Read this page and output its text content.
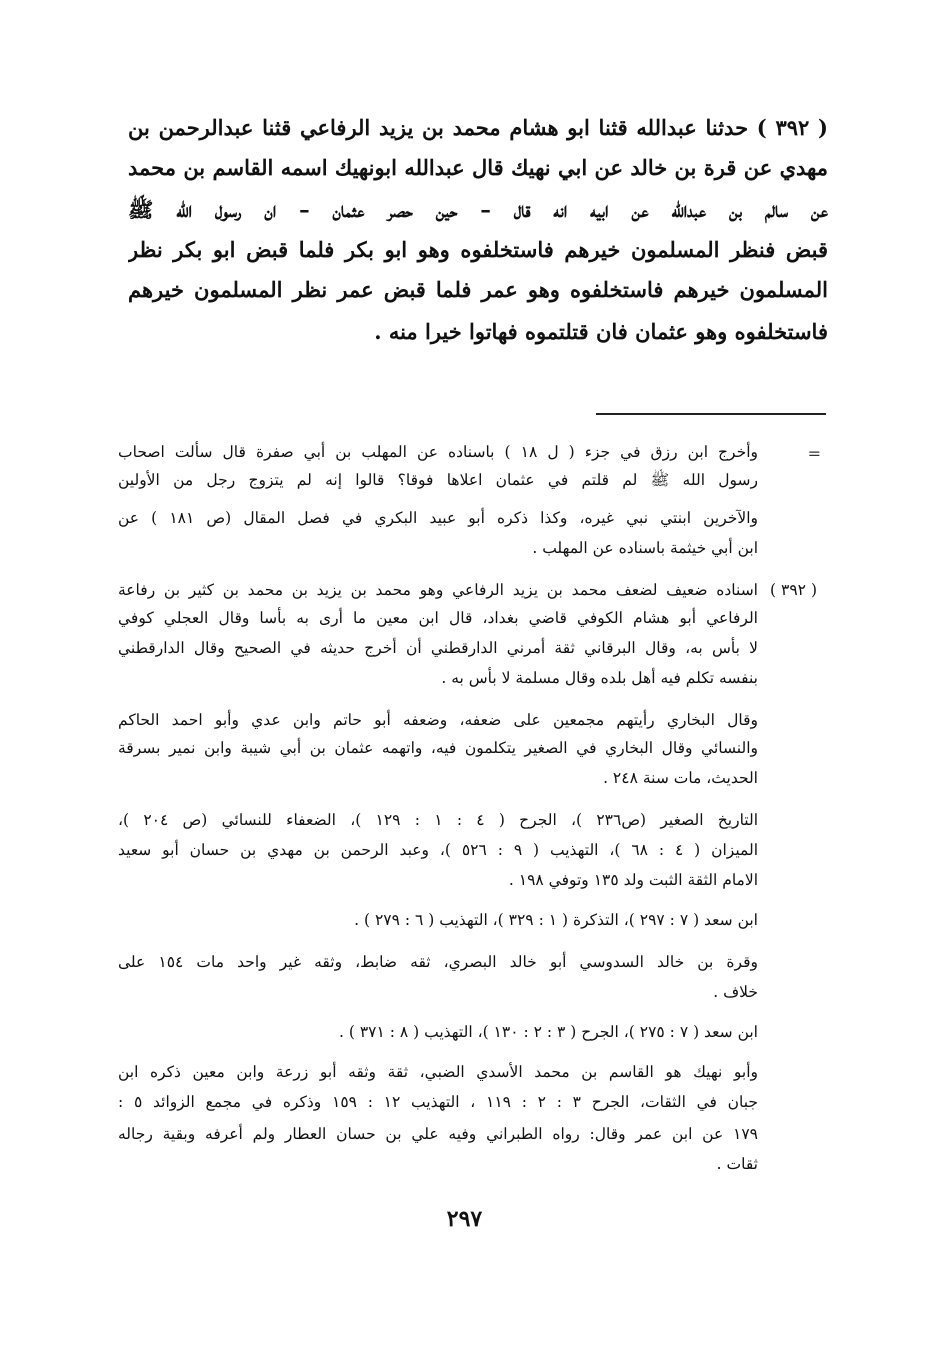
( ٣٩٢ ) حدثنا عبدالله قثنا ابو هشام محمد بن يزيد الرفاعي قثنا عبدالرحمن بن
مهدي عن قرة بن خالد عن ابي نهيك قال عبدالله ابونهيك اسمه القاسم بن محمد
عن سالم بن عبدالله عن ابيه انه قال – حين حصر عثمان – ان رسول الله ﷺ
قبض فنظر المسلمون خيرهم فاستخلفوه وهو ابو بكر فلما قبض ابو بكر نظر
المسلمون خيرهم فاستخلفوه وهو عمر فلما قبض عمر نظر المسلمون خيرهم
فاستخلفوه وهو عثمان فان قتلتموه فهاتوا خيرا منه .
=
وأخرج ابن رزق في جزء ( ل ١٨ ) باسناده عن المهلب بن أبي صفرة قال سألت اصحاب
رسول الله ﷺ لم قلتم في عثمان اعلاها فوقا؟ قالوا إنه لم يتزوج رجل من الأولين
والآخرين ابنتي نبي غيره، وكذا ذكره أبو عبيد البكري في فصل المقال (ص ١٨١ ) عن
ابن أبي خيثمة باسناده عن المهلب .
( ٣٩٢ )
اسناده ضعيف لضعف محمد بن يزيد الرفاعي وهو محمد بن يزيد بن محمد بن كثير بن رفاعة
الرفاعي أبو هشام الكوفي قاضي بغداد، قال ابن معين ما أرى به بأسا وقال العجلي كوفي
لا بأس به، وقال البرقاني ثقة أمرني الدارقطني أن أخرج حديثه في الصحيح وقال الدارقطني
بنفسه تكلم فيه أهل بلده وقال مسلمة لا بأس به .
وقال البخاري رأيتهم مجمعين على ضعفه، وضعفه أبو حاتم وابن عدي وأبو احمد الحاكم
والنسائي وقال البخاري في الصغير يتكلمون فيه، واتهمه عثمان بن أبي شيبة وابن نمير بسرقة
الحديث، مات سنة ٢٤٨ .
التاريخ الصغير (ص٢٣٦ )، الجرح ( ٤ : ١ : ١٢٩ )، الضعفاء للنسائي (ص ٢٠٤ )،
الميزان ( ٤ : ٦٨ )، التهذيب ( ٩ : ٥٢٦ )، وعبد الرحمن بن مهدي بن حسان أبو سعيد
الامام الثقة الثبت ولد ١٣٥ وتوفي ١٩٨ .
ابن سعد ( ٧ : ٢٩٧ )، التذكرة ( ١ : ٣٢٩ )، التهذيب ( ٦ : ٢٧٩ ) .
وقرة بن خالد السدوسي أبو خالد البصري، ثقه ضابط، وثقه غير واحد مات ١٥٤ على
خلاف .
ابن سعد ( ٧ : ٢٧٥ )، الجرح ( ٣ : ٢ : ١٣٠ )، التهذيب ( ٨ : ٣٧١ ) .
وأبو نهيك هو القاسم بن محمد الأسدي الضبي، ثقة وثقه أبو زرعة وابن معين ذكره ابن
جبان في الثقات، الجرح ٣ : ٢ : ١١٩ ، التهذيب ١٢ : ١٥٩ وذكره في مجمع الزوائد ٥ :
١٧٩ عن ابن عمر وقال: رواه الطبراني وفيه علي بن حسان العطار ولم أعرفه وبقية رجاله
ثقات .
٢٩٧
